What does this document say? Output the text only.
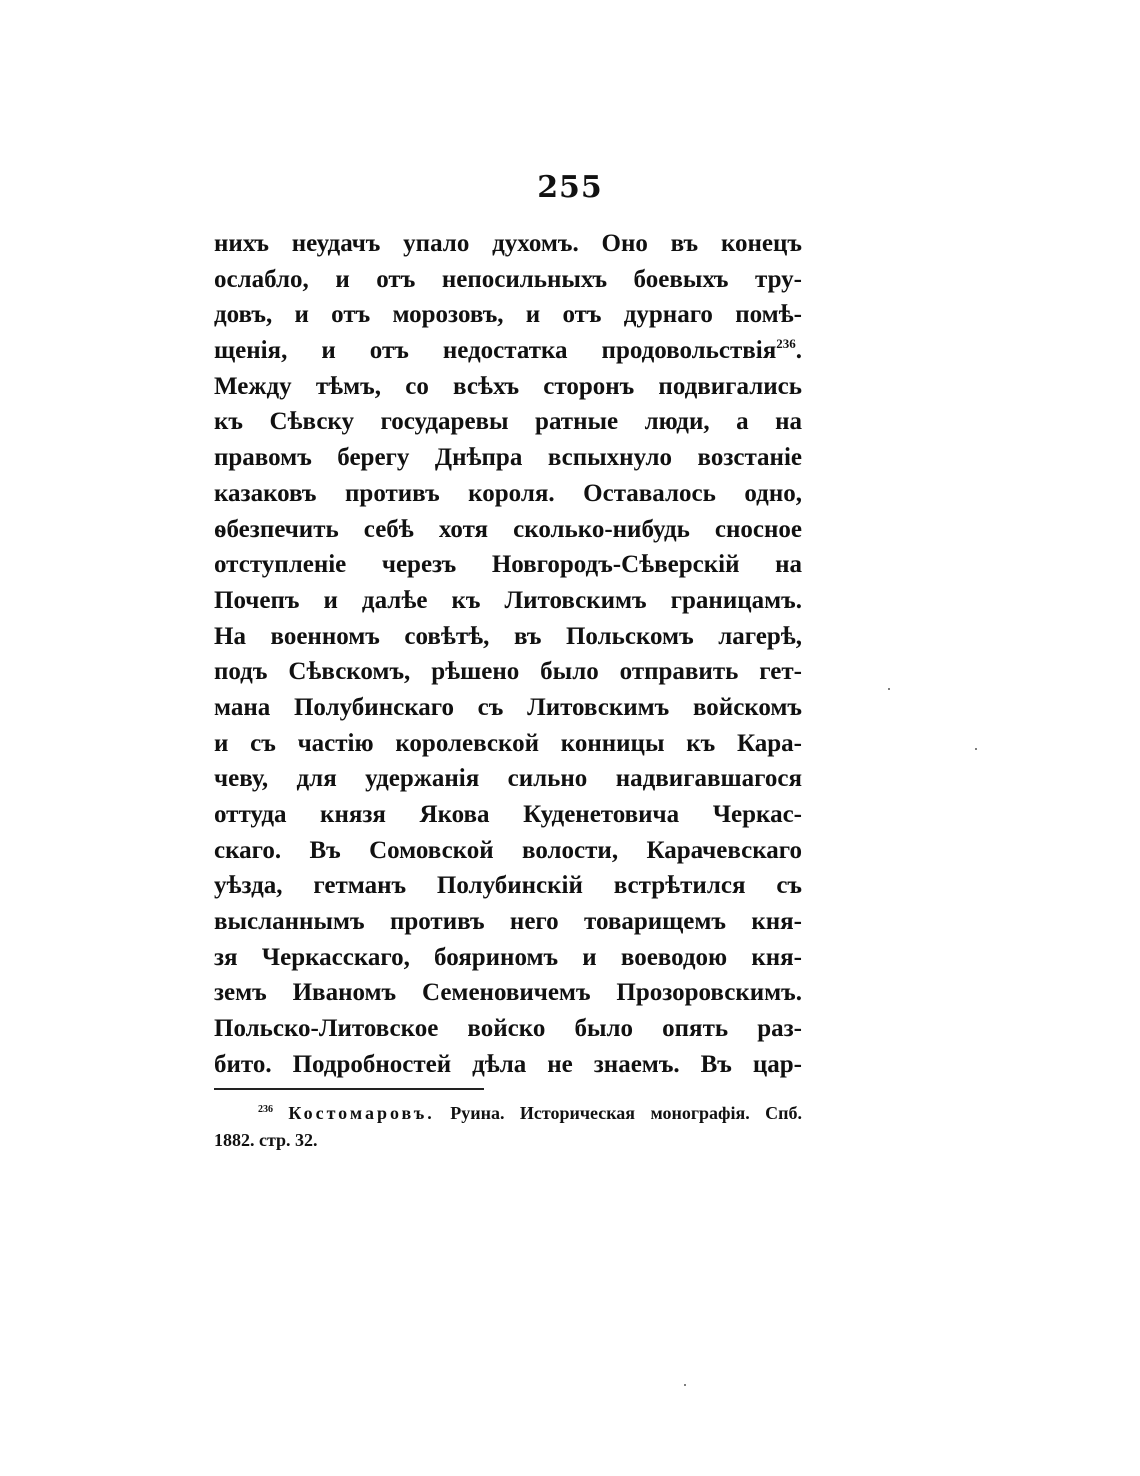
255
нихъ неудачъ упало духомъ. Оно въ конецъ
ослабло, и отъ непосильныхъ боевыхъ тру-
довъ, и отъ морозовъ, и отъ дурнаго помѣ-
щенія, и отъ недостатка продовольствія$^{236}$.
Между тѣмъ, со всѣхъ сторонъ подвигались
къ Сѣвску государевы ратные люди, а на
правомъ берегу Днѣпра вспыхнуло возстаніе
казаковъ противъ короля. Оставалось одно,
ѳбезпечить себѣ хотя сколько-нибудь сносное
отступленіе черезъ Новгородъ-Сѣверскій на
Почепъ и далѣе къ Литовскимъ границамъ.
На военномъ совѣтѣ, въ Польскомъ лагерѣ,
подъ Сѣвскомъ, рѣшено было отправить гет-
мана Полубинскаго съ Литовскимъ войскомъ
и съ частію королевской конницы къ Кара-
чеву, для удержанія сильно надвигавшагося
оттуда князя Якова Куденетовича Черкас-
скаго. Въ Сомовской волости, Карачевскаго
уѣзда, гетманъ Полубинскій встрѣтился съ
высланнымъ противъ него товарищемъ кня-
зя Черкасскаго, бояриномъ и воеводою кня-
земъ Иваномъ Семеновичемъ Прозоровскимъ.
Польско-Литовское войско было опять раз-
бито. Подробностей дѣла не знаемъ. Въ цар-
$^{236}$ Костомаровъ. Руина. Историческая монографія. Спб.
1882. стр. 32.
